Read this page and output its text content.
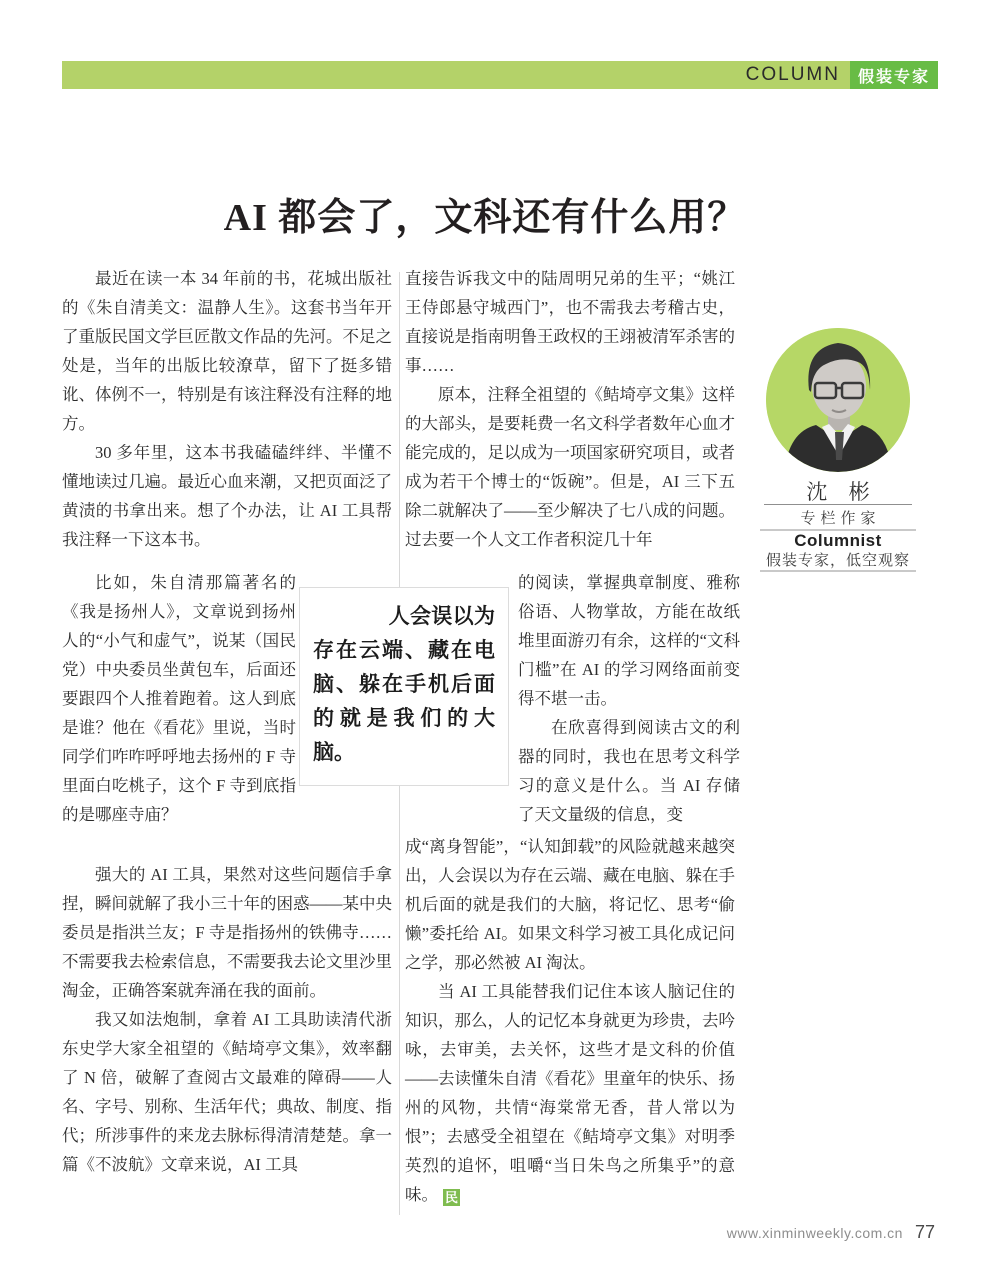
COLUMN	假装专家
AI 都会了，文科还有什么用？

最近在读一本 34 年前的书，花城出版社的《朱自清美文：温静人生》。这套书当年开了重版民国文学巨匠散文作品的先河。不足之处是，当年的出版比较潦草，留下了挺多错讹、体例不一，特别是有该注释没有注释的地方。

30 多年里，这本书我磕磕绊绊、半懂不懂地读过几遍。最近心血来潮，又把页面泛了黄渍的书拿出来。想了个办法，让 AI 工具帮我注释一下这本书。

比如，朱自清那篇著名的《我是扬州人》，文章说到扬州人的“小气和虚气”，说某（国民党）中央委员坐黄包车，后面还要跟四个人推着跑着。这人到底是谁？他在《看花》里说，当时同学们咋咋呼呼地去扬州的 F 寺里面白吃桃子，这个 F 寺到底指的是哪座寺庙？

强大的 AI 工具，果然对这些问题信手拿捏，瞬间就解了我小三十年的困惑——某中央委员是指洪兰友；F 寺是指扬州的铁佛寺……不需要我去检索信息，不需要我去论文里沙里淘金，正确答案就奔涌在我的面前。

我又如法炮制，拿着 AI 工具助读清代浙东史学大家全祖望的《鲒埼亭文集》，效率翻了 N 倍，破解了查阅古文最难的障碍——人名、字号、别称、生活年代；典故、制度、指代；所涉事件的来龙去脉标得清清楚楚。拿一篇《不波航》文章来说，AI 工具

直接告诉我文中的陆周明兄弟的生平；“姚江王侍郎悬守城西门”，也不需我去考稽古史，直接说是指南明鲁王政权的王翊被清军杀害的事……

原本，注释全祖望的《鲒埼亭文集》这样的大部头，是要耗费一名文科学者数年心血才能完成的，足以成为一项国家研究项目，或者成为若干个博士的“饭碗”。但是，AI 三下五除二就解决了——至少解决了七八成的问题。过去要一个人文工作者积淀几十年

的阅读，掌握典章制度、雅称俗语、人物掌故，方能在故纸堆里面游刃有余，这样的“文科门槛”在 AI 的学习网络面前变得不堪一击。

在欣喜得到阅读古文的利器的同时，我也在思考文科学习的意义是什么。当 AI 存储了天文量级的信息，变

成“离身智能”，“认知卸载”的风险就越来越突出，人会误以为存在云端、藏在电脑、躲在手机后面的就是我们的大脑，将记忆、思考“偷懒”委托给 AI。如果文科学习被工具化成记问之学，那必然被 AI 淘汰。

当 AI 工具能替我们记住本该人脑记住的知识，那么，人的记忆本身就更为珍贵，去吟咏，去审美，去关怀，这些才是文科的价值——去读懂朱自清《看花》里童年的快乐、扬州的风物，共情“海棠常无香，昔人常以为恨”；去感受全祖望在《鲒埼亭文集》对明季英烈的追怀，咀嚼“当日朱鸟之所集乎”的意味。 民

人会误以为存在云端、藏在电脑、躲在手机后面的就是我们的大脑。
沈 彬
专栏作家
Columnist
假装专家，低空观察
www.xinminweekly.com.cn 77
